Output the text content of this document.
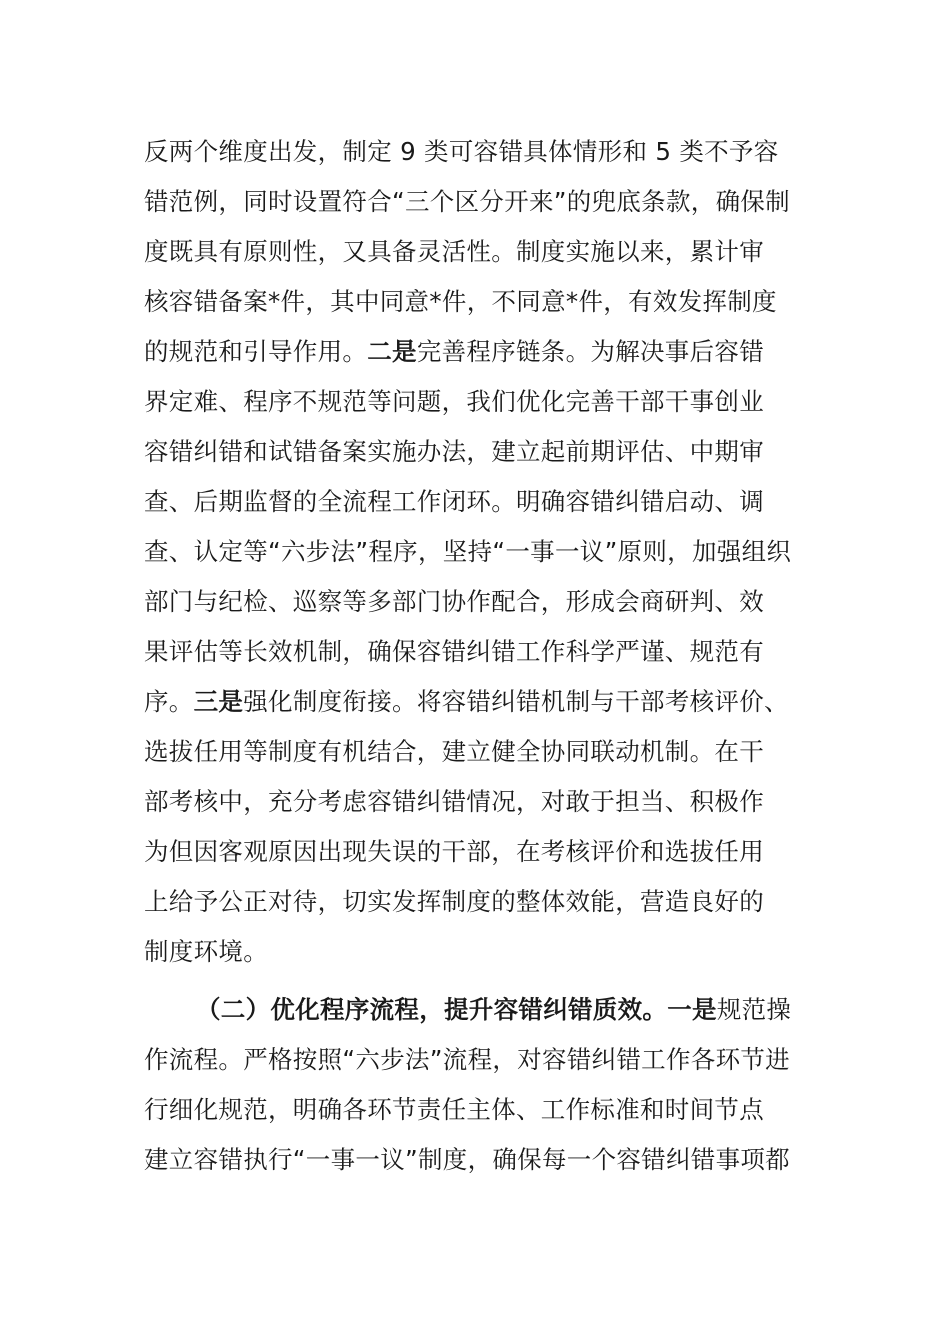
反两个维度出发，制定 9 类可容错具体情形和 5 类不予容
错范例，同时设置符合“三个区分开来”的兜底条款，确保制
度既具有原则性，又具备灵活性。制度实施以来，累计审
核容错备案*件，其中同意*件，不同意*件，有效发挥制度
的规范和引导作用。二是完善程序链条。为解决事后容错
界定难、程序不规范等问题，我们优化完善干部干事创业
容错纠错和试错备案实施办法，建立起前期评估、中期审
查、后期监督的全流程工作闭环。明确容错纠错启动、调
查、认定等“六步法”程序，坚持“一事一议”原则，加强组织
部门与纪检、巡察等多部门协作配合，形成会商研判、效
果评估等长效机制，确保容错纠错工作科学严谨、规范有
序。三是强化制度衔接。将容错纠错机制与干部考核评价、
选拔任用等制度有机结合，建立健全协同联动机制。在干
部考核中，充分考虑容错纠错情况，对敢于担当、积极作
为但因客观原因出现失误的干部，在考核评价和选拔任用
上给予公正对待，切实发挥制度的整体效能，营造良好的
制度环境。
（二）优化程序流程，提升容错纠错质效。一是规范操
作流程。严格按照“六步法”流程，对容错纠错工作各环节进
行细化规范，明确各环节责任主体、工作标准和时间节点
建立容错执行“一事一议”制度，确保每一个容错纠错事项都
